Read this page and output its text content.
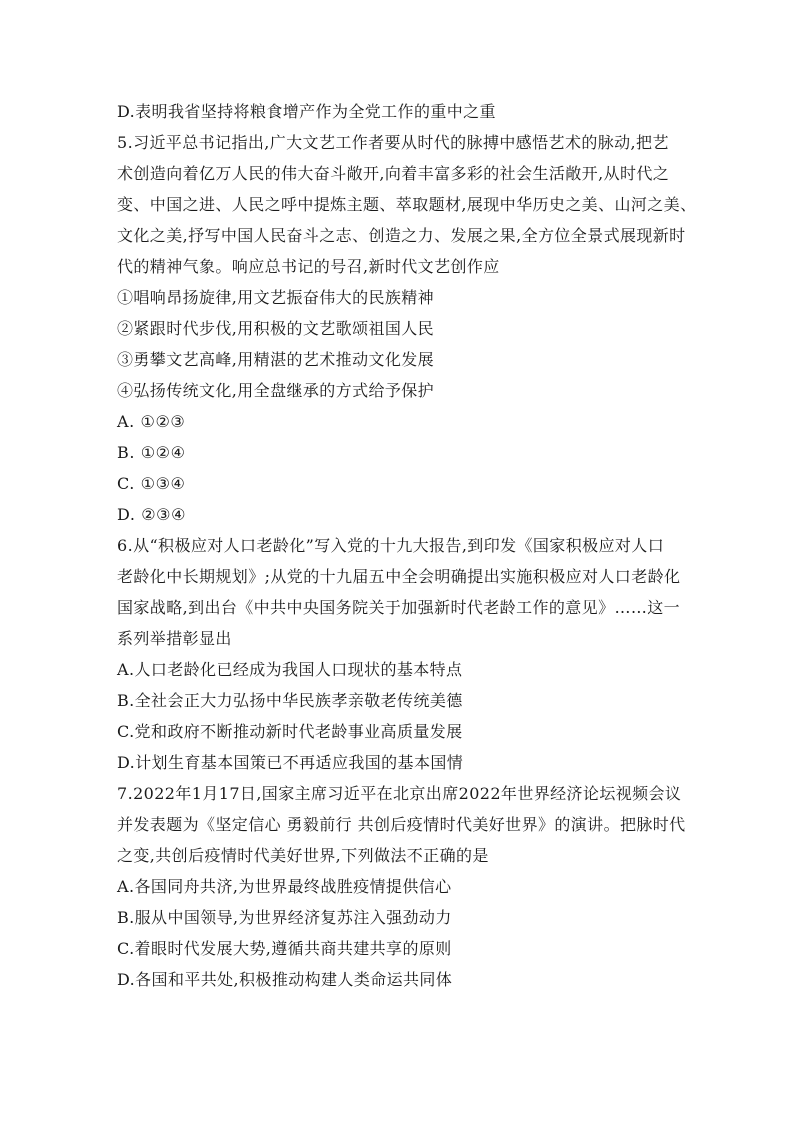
D.表明我省坚持将粮食增产作为全党工作的重中之重
5.习近平总书记指出,广大文艺工作者要从时代的脉搏中感悟艺术的脉动,把艺
术创造向着亿万人民的伟大奋斗敞开,向着丰富多彩的社会生活敞开,从时代之
变、中国之进、人民之呼中提炼主题、萃取题材,展现中华历史之美、山河之美、
文化之美,抒写中国人民奋斗之志、创造之力、发展之果,全方位全景式展现新时
代的精神气象。响应总书记的号召,新时代文艺创作应
①唱响昂扬旋律,用文艺振奋伟大的民族精神
②紧跟时代步伐,用积极的文艺歌颂祖国人民
③勇攀文艺高峰,用精湛的艺术推动文化发展
④弘扬传统文化,用全盘继承的方式给予保护
A. ①②③
B. ①②④
C. ①③④
D. ②③④
6.从“积极应对人口老龄化”写入党的十九大报告,到印发《国家积极应对人口
老龄化中长期规划》;从党的十九届五中全会明确提出实施积极应对人口老龄化
国家战略,到出台《中共中央国务院关于加强新时代老龄工作的意见》……这一
系列举措彰显出
A.人口老龄化已经成为我国人口现状的基本特点
B.全社会正大力弘扬中华民族孝亲敬老传统美德
C.党和政府不断推动新时代老龄事业高质量发展
D.计划生育基本国策已不再适应我国的基本国情
7.2022年1月17日,国家主席习近平在北京出席2022年世界经济论坛视频会议
并发表题为《坚定信心 勇毅前行 共创后疫情时代美好世界》的演讲。把脉时代
之变,共创后疫情时代美好世界,下列做法不正确的是
A.各国同舟共济,为世界最终战胜疫情提供信心
B.服从中国领导,为世界经济复苏注入强劲动力
C.着眼时代发展大势,遵循共商共建共享的原则
D.各国和平共处,积极推动构建人类命运共同体
